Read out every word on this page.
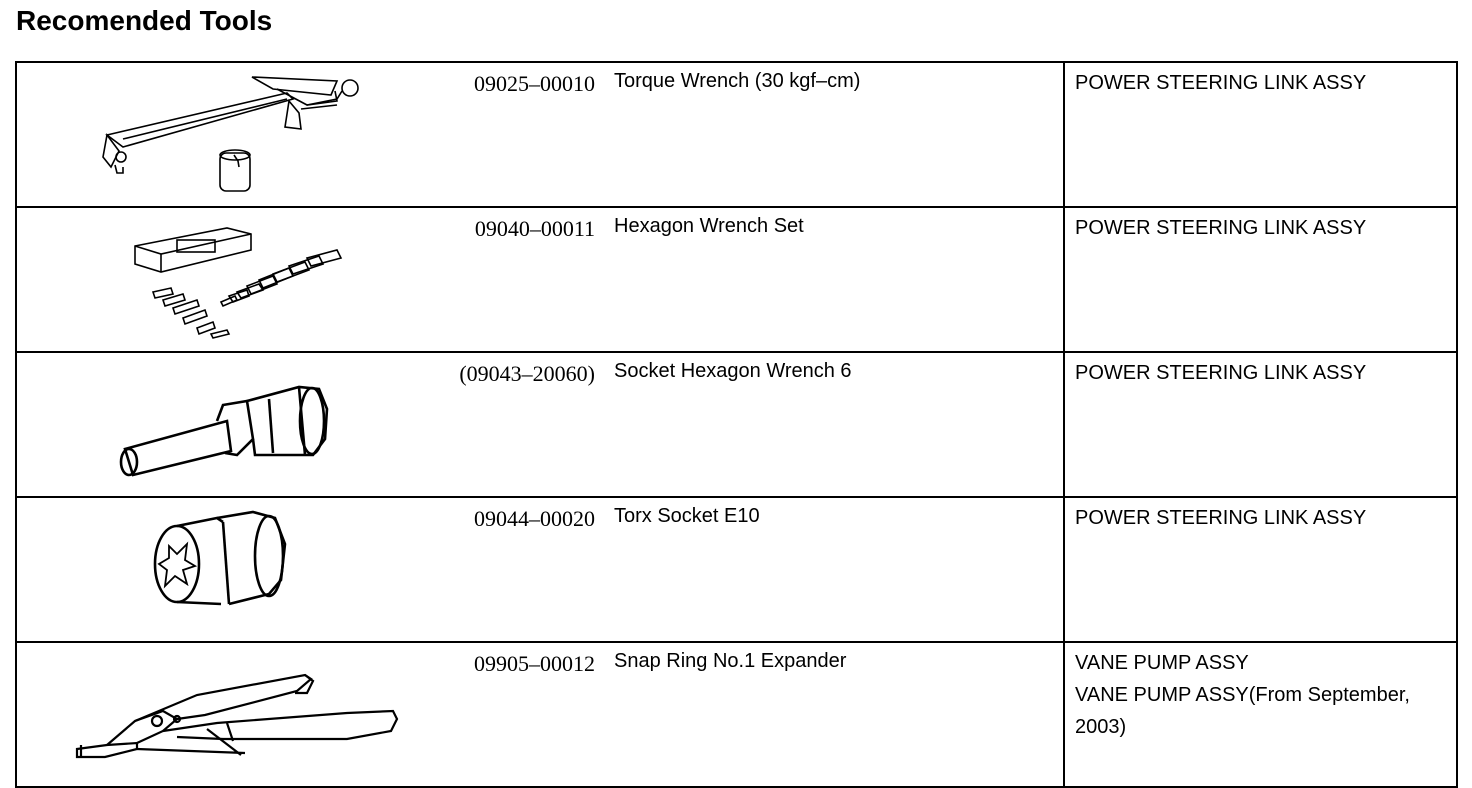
Recomended Tools
09025–00010 Torque Wrench (30 kgf–cm)	POWER STEERING LINK ASSY

09040–00011 Hexagon Wrench Set	POWER STEERING LINK ASSY

(09043–20060) Socket Hexagon Wrench 6	POWER STEERING LINK ASSY

09044–00020 Torx Socket E10	POWER STEERING LINK ASSY

09905–00012 Snap Ring No.1 Expander	VANE PUMP ASSY
VANE PUMP ASSY(From September,
2003)
